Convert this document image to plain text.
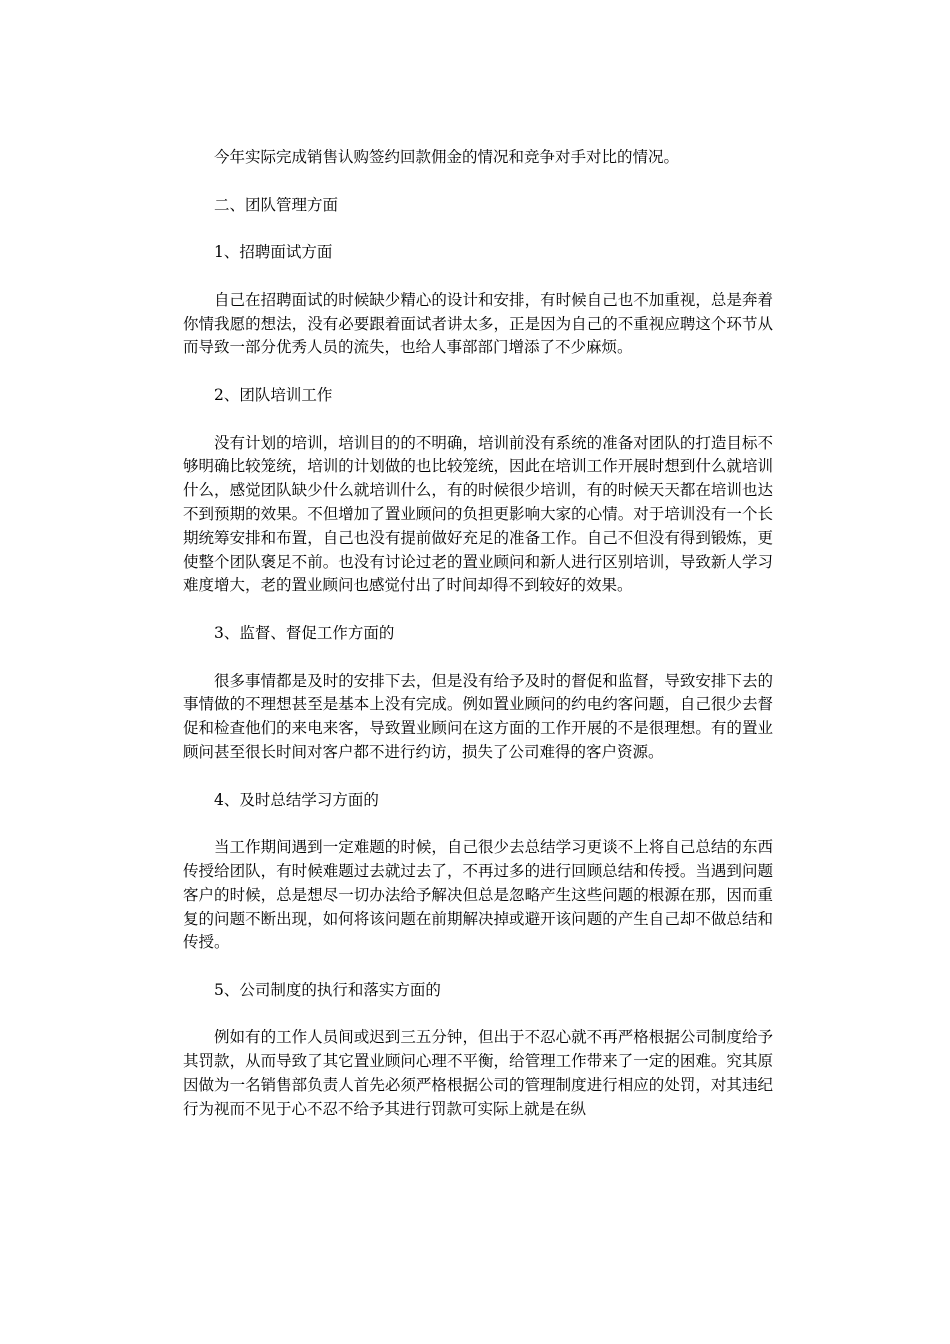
今年实际完成销售认购签约回款佣金的情况和竞争对手对比的情况。

二、团队管理方面

1、招聘面试方面

自己在招聘面试的时候缺少精心的设计和安排，有时候自己也不加重视，总是奔着你情我愿的想法，没有必要跟着面试者讲太多，正是因为自己的不重视应聘这个环节从而导致一部分优秀人员的流失，也给人事部部门增添了不少麻烦。

2、团队培训工作

没有计划的培训，培训目的的不明确，培训前没有系统的准备对团队的打造目标不够明确比较笼统，培训的计划做的也比较笼统，因此在培训工作开展时想到什么就培训什么，感觉团队缺少什么就培训什么，有的时候很少培训，有的时候天天都在培训也达不到预期的效果。不但增加了置业顾问的负担更影响大家的心情。对于培训没有一个长期统筹安排和布置，自己也没有提前做好充足的准备工作。自己不但没有得到锻炼，更使整个团队褒足不前。也没有讨论过老的置业顾问和新人进行区别培训，导致新人学习难度增大，老的置业顾问也感觉付出了时间却得不到较好的效果。

3、监督、督促工作方面的

很多事情都是及时的安排下去，但是没有给予及时的督促和监督，导致安排下去的事情做的不理想甚至是基本上没有完成。例如置业顾问的约电约客问题，自己很少去督促和检查他们的来电来客，导致置业顾问在这方面的工作开展的不是很理想。有的置业顾问甚至很长时间对客户都不进行约访，损失了公司难得的客户资源。

4、及时总结学习方面的

当工作期间遇到一定难题的时候，自己很少去总结学习更谈不上将自己总结的东西传授给团队，有时候难题过去就过去了，不再过多的进行回顾总结和传授。当遇到问题客户的时候，总是想尽一切办法给予解决但总是忽略产生这些问题的根源在那，因而重复的问题不断出现，如何将该问题在前期解决掉或避开该问题的产生自己却不做总结和传授。

5、公司制度的执行和落实方面的

例如有的工作人员间或迟到三五分钟，但出于不忍心就不再严格根据公司制度给予其罚款，从而导致了其它置业顾问心理不平衡，给管理工作带来了一定的困难。究其原因做为一名销售部负责人首先必须严格根据公司的管理制度进行相应的处罚，对其违纪行为视而不见于心不忍不给予其进行罚款可实际上就是在纵
